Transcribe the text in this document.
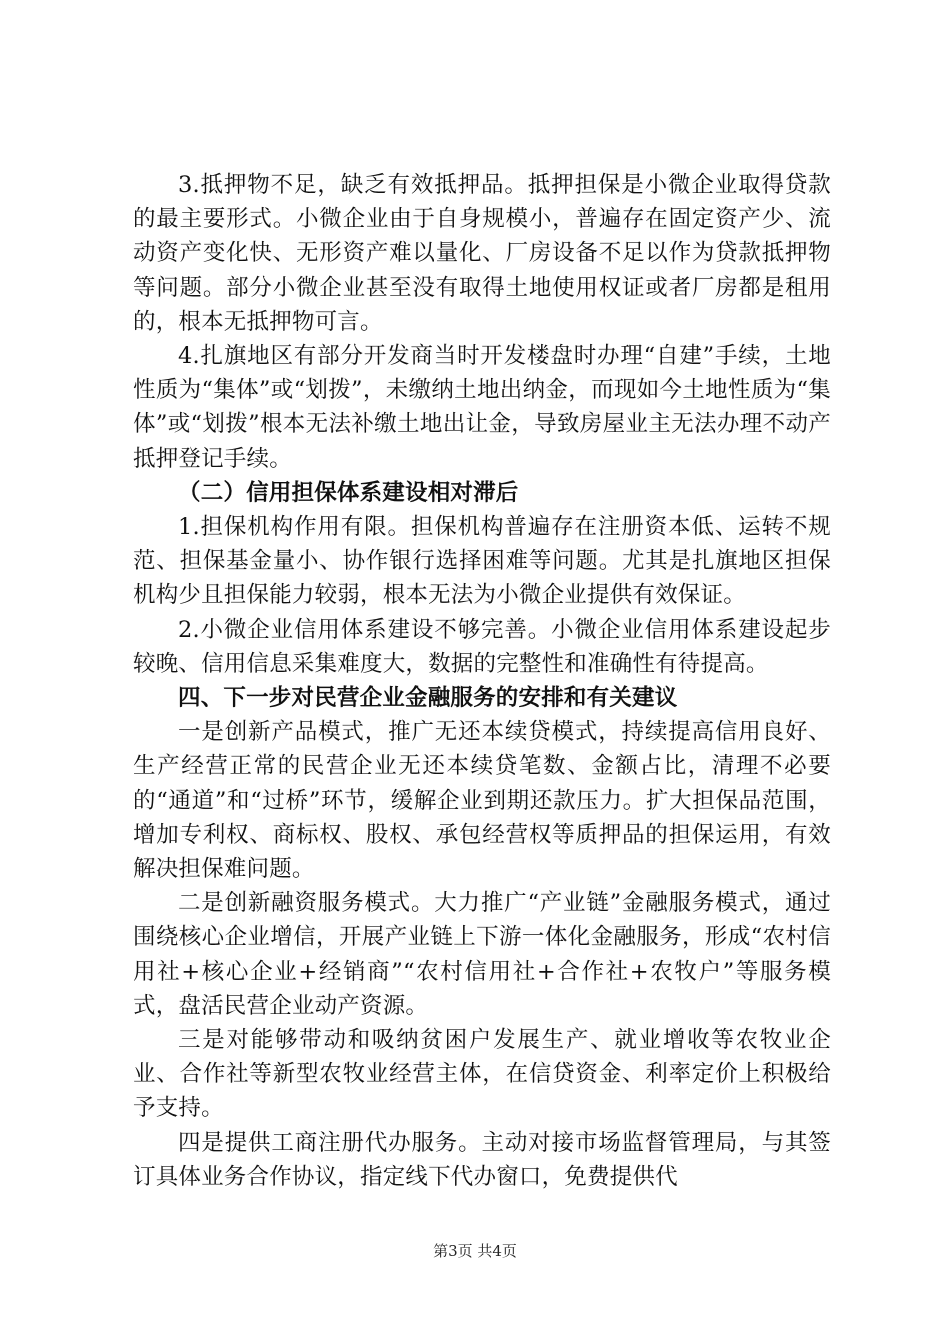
3.抵押物不足，缺乏有效抵押品。抵押担保是小微企业取得贷款的最主要形式。小微企业由于自身规模小，普遍存在固定资产少、流动资产变化快、无形资产难以量化、厂房设备不足以作为贷款抵押物等问题。部分小微企业甚至没有取得土地使用权证或者厂房都是租用的，根本无抵押物可言。

4.扎旗地区有部分开发商当时开发楼盘时办理“自建”手续，土地性质为“集体”或“划拨”，未缴纳土地出纳金，而现如今土地性质为“集体”或“划拨”根本无法补缴土地出让金，导致房屋业主无法办理不动产抵押登记手续。

（二）信用担保体系建设相对滞后

1.担保机构作用有限。担保机构普遍存在注册资本低、运转不规范、担保基金量小、协作银行选择困难等问题。尤其是扎旗地区担保机构少且担保能力较弱，根本无法为小微企业提供有效保证。

2.小微企业信用体系建设不够完善。小微企业信用体系建设起步较晚、信用信息采集难度大，数据的完整性和准确性有待提高。

四、下一步对民营企业金融服务的安排和有关建议

一是创新产品模式，推广无还本续贷模式，持续提高信用良好、生产经营正常的民营企业无还本续贷笔数、金额占比，清理不必要的“通道”和“过桥”环节，缓解企业到期还款压力。扩大担保品范围，增加专利权、商标权、股权、承包经营权等质押品的担保运用，有效解决担保难问题。

二是创新融资服务模式。大力推广“产业链”金融服务模式，通过围绕核心企业增信，开展产业链上下游一体化金融服务，形成“农村信用社+核心企业+经销商”“农村信用社+合作社+农牧户”等服务模式，盘活民营企业动产资源。

三是对能够带动和吸纳贫困户发展生产、就业增收等农牧业企业、合作社等新型农牧业经营主体，在信贷资金、利率定价上积极给予支持。

四是提供工商注册代办服务。主动对接市场监督管理局，与其签订具体业务合作协议，指定线下代办窗口，免费提供代

第3页 共4页
